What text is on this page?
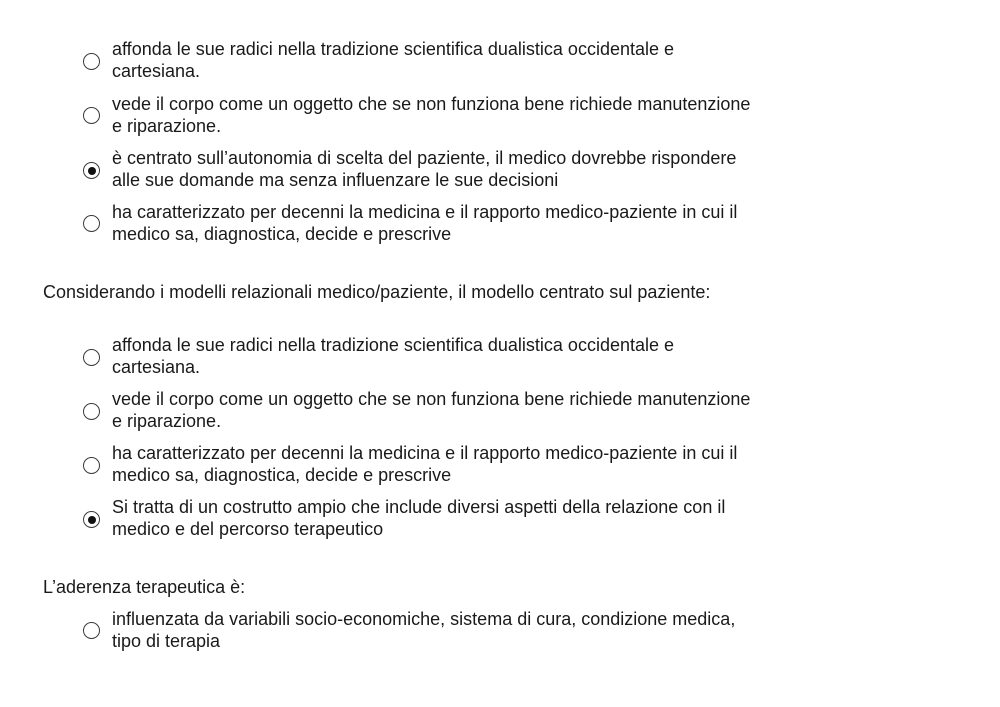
affonda le sue radici nella tradizione scientifica dualistica occidentale e cartesiana.
vede il corpo come un oggetto che se non funziona bene richiede manutenzione e riparazione.
è centrato sull’autonomia di scelta del paziente, il medico dovrebbe rispondere alle sue domande ma senza influenzare le sue decisioni
ha caratterizzato per decenni la medicina e il rapporto medico-paziente in cui il medico sa, diagnostica, decide e prescrive
Considerando i modelli relazionali medico/paziente, il modello centrato sul paziente:
affonda le sue radici nella tradizione scientifica dualistica occidentale e cartesiana.
vede il corpo come un oggetto che se non funziona bene richiede manutenzione e riparazione.
ha caratterizzato per decenni la medicina e il rapporto medico-paziente in cui il medico sa, diagnostica, decide e prescrive
Si tratta di un costrutto ampio che include diversi aspetti della relazione con il medico e del percorso terapeutico
L’aderenza terapeutica è:
influenzata da variabili socio-economiche, sistema di cura, condizione medica, tipo di terapia
